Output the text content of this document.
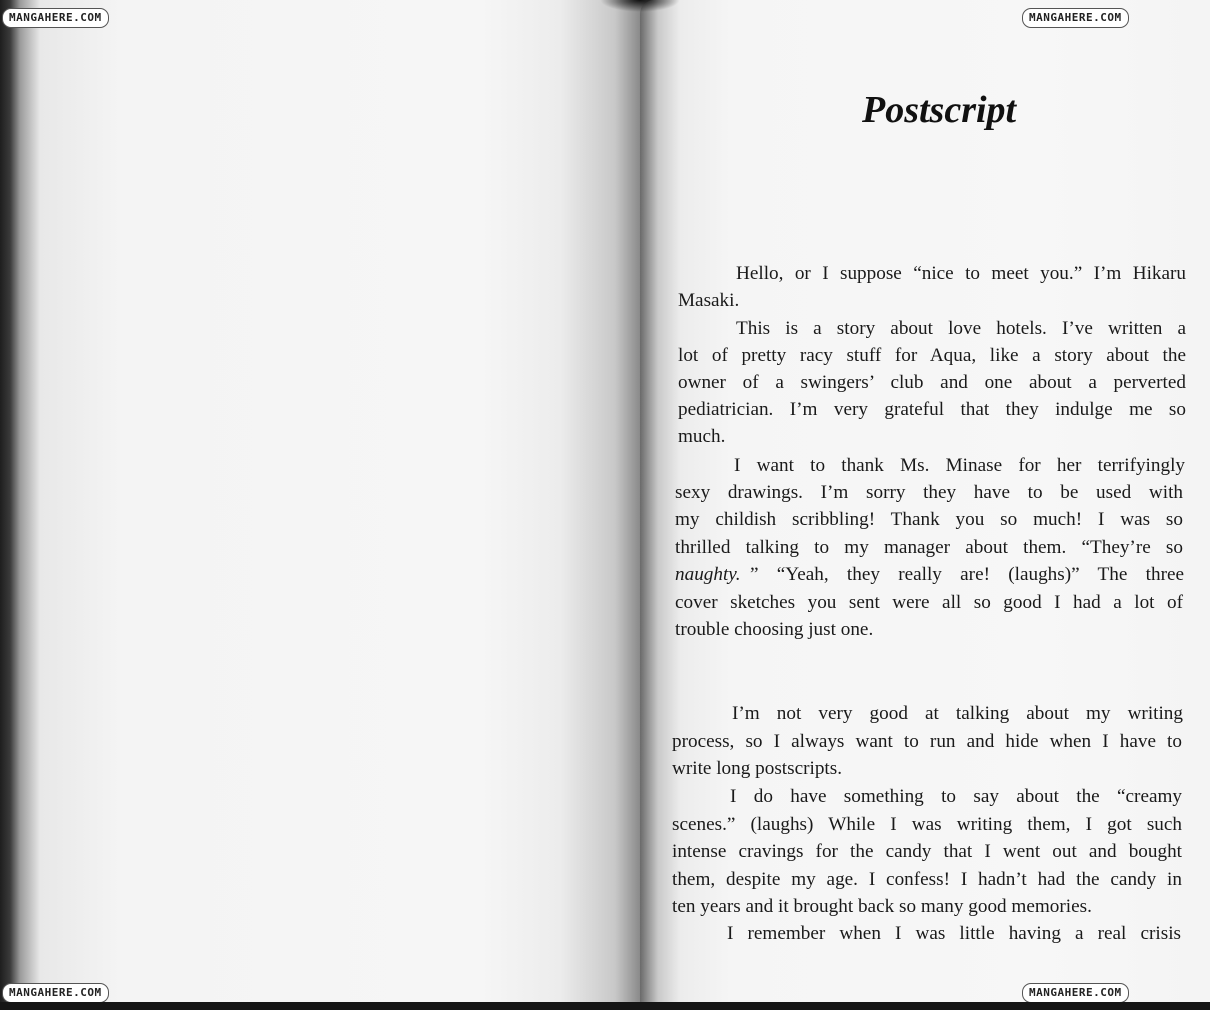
MANGAHERE.COM	MANGAHERE.COM
MANGAHERE.COM	MANGAHERE.COM
Postscript
Hello, or I suppose “nice to meet you.” I’m Hikaru
Masaki.
This is a story about love hotels. I’ve written a
lot of pretty racy stuff for Aqua, like a story about the
owner of a swingers’ club and one about a perverted
pediatrician. I’m very grateful that they indulge me so
much.
I want to thank Ms. Minase for her terrifyingly
sexy drawings. I’m sorry they have to be used with
my childish scribbling! Thank you so much! I was so
thrilled talking to my manager about them. “They’re so
naughty. ” “Yeah, they really are! (laughs)” The three
cover sketches you sent were all so good I had a lot of
trouble choosing just one.
I’m not very good at talking about my writing
process, so I always want to run and hide when I have to
write long postscripts.
I do have something to say about the “creamy
scenes.” (laughs) While I was writing them, I got such
intense cravings for the candy that I went out and bought
them, despite my age. I confess! I hadn’t had the candy in
ten years and it brought back so many good memories.
I remember when I was little having a real crisis
